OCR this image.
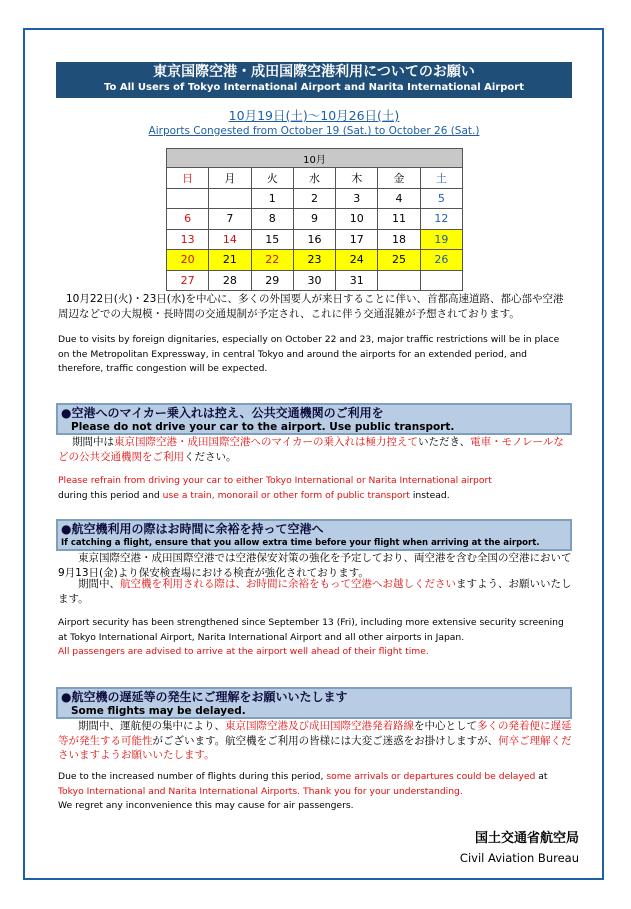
東京国際空港・成田国際空港利用についてのお願い
To All Users of Tokyo International Airport and Narita International Airport
10月19日(土)～10月26日(土)
Airports Congested from October 19 (Sat.) to October 26 (Sat.)
10月						
日	月	火	水	木	金	土
		1	2	3	4	5
6	7	8	9	10	11	12
13	14	15	16	17	18	19
20	21	22	23	24	25	26
27	28	29	30	31		
10月22日(火)・23日(水)を中心に、多くの外国要人が来日することに伴い、首都高速道路、都心部や空港周辺などでの大規模・長時間の交通規制が予定され、これに伴う交通混雑が予想されております。
Due to visits by foreign dignitaries, especially on October 22 and 23, major traffic restrictions will be in place on the Metropolitan Expressway, in central Tokyo and around the airports for an extended period, and therefore, traffic congestion will be expected.
●空港へのマイカー乗入れは控え、公共交通機関のご利用を
Please do not drive your car to the airport. Use public transport.
期間中は東京国際空港・成田国際空港へのマイカーの乗入れは極力控えていただき、電車・モノレールなどの公共交通機関をご利用ください。
Please refrain from driving your car to either Tokyo International or Narita International airport
during this period and use a train, monorail or other form of public transport instead.
●航空機利用の際はお時間に余裕を持って空港へ
If catching a flight, ensure that you allow extra time before your flight when arriving at the airport.
東京国際空港・成田国際空港では空港保安対策の強化を予定しており、両空港を含む全国の空港において9月13日(金)より保安検査場における検査が強化されております。
期間中、航空機を利用される際は、お時間に余裕をもって空港へお越しくださいますよう、お願いいたします。
Airport security has been strengthened since September 13 (Fri), including more extensive security screening at Tokyo International Airport, Narita International Airport and all other airports in Japan.
All passengers are advised to arrive at the airport well ahead of their flight time.
●航空機の遅延等の発生にご理解をお願いいたします
Some flights may be delayed.
期間中、運航便の集中により、東京国際空港及び成田国際空港発着路線を中心として多くの発着便に遅延等が発生する可能性がございます。航空機をご利用の皆様には大変ご迷惑をお掛けしますが、何卒ご理解くださいますようお願いいたします。
Due to the increased number of flights during this period, some arrivals or departures could be delayed at Tokyo International and Narita International Airports. Thank you for your understanding.
We regret any inconvenience this may cause for air passengers.
国土交通省航空局
Civil Aviation Bureau
